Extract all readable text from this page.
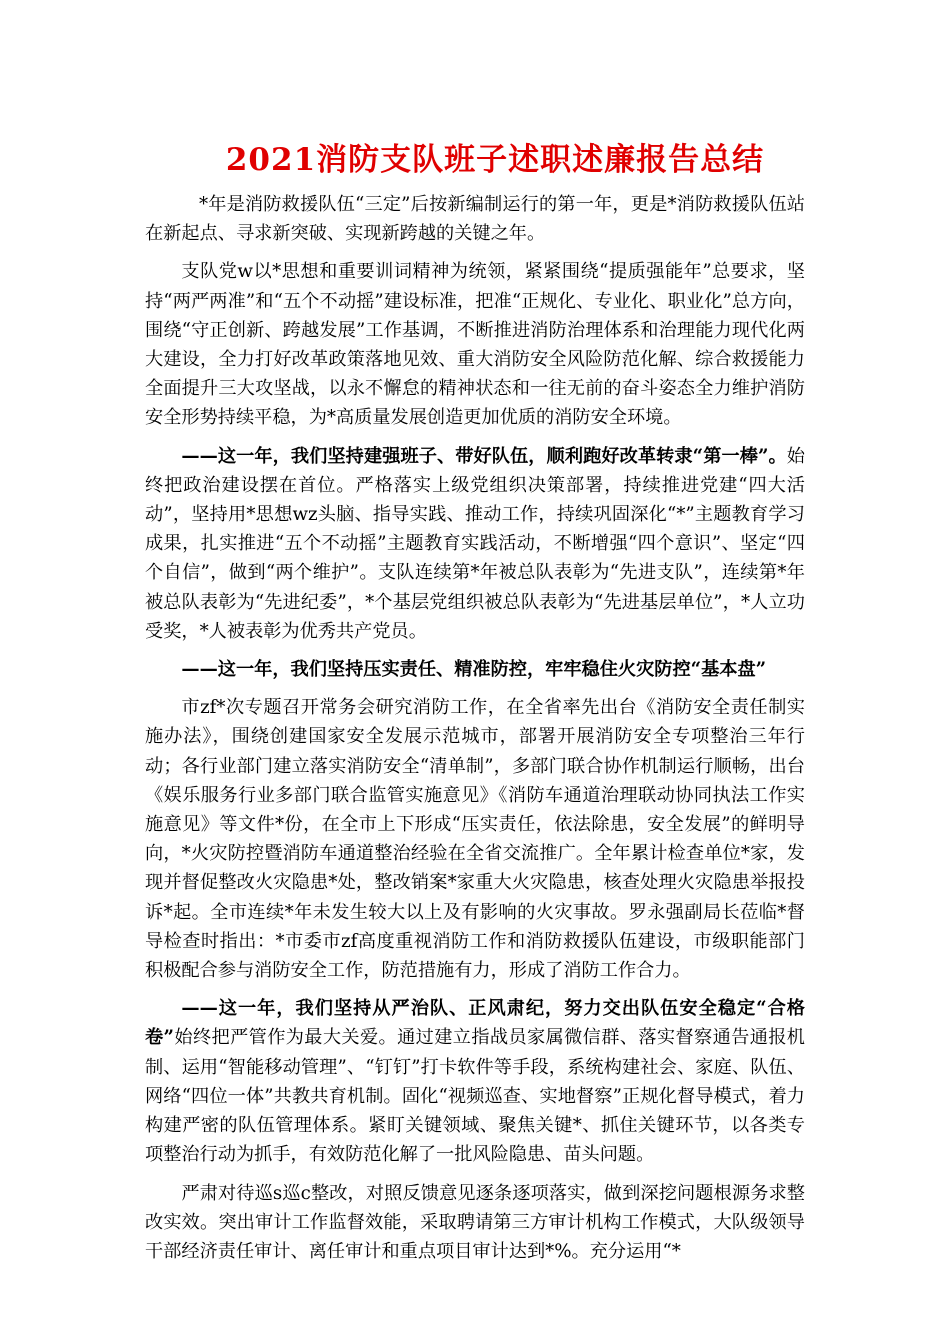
2021消防支队班子述职述廉报告总结

*年是消防救援队伍“三定”后按新编制运行的第一年，更是*消防救援队伍站在新起点、寻求新突破、实现新跨越的关键之年。

支队党w以*思想和重要训词精神为统领，紧紧围绕“提质强能年”总要求，坚持“两严两准”和“五个不动摇”建设标准，把准“正规化、专业化、职业化”总方向，围绕“守正创新、跨越发展”工作基调，不断推进消防治理体系和治理能力现代化两大建设，全力打好改革政策落地见效、重大消防安全风险防范化解、综合救援能力全面提升三大攻坚战，以永不懈怠的精神状态和一往无前的奋斗姿态全力维护消防安全形势持续平稳，为*高质量发展创造更加优质的消防安全环境。

——这一年，我们坚持建强班子、带好队伍，顺利跑好改革转隶“第一棒”。始终把政治建设摆在首位。严格落实上级党组织决策部署，持续推进党建“四大活动”，坚持用*思想wz头脑、指导实践、推动工作，持续巩固深化“*”主题教育学习成果，扎实推进“五个不动摇”主题教育实践活动，不断增强“四个意识”、坚定“四个自信”，做到“两个维护”。支队连续第*年被总队表彰为“先进支队”，连续第*年被总队表彰为“先进纪委”，*个基层党组织被总队表彰为“先进基层单位”，*人立功受奖，*人被表彰为优秀共产党员。

——这一年，我们坚持压实责任、精准防控，牢牢稳住火灾防控“基本盘”

市zf*次专题召开常务会研究消防工作，在全省率先出台《消防安全责任制实施办法》，围绕创建国家安全发展示范城市，部署开展消防安全专项整治三年行动；各行业部门建立落实消防安全“清单制”，多部门联合协作机制运行顺畅，出台《娱乐服务行业多部门联合监管实施意见》《消防车通道治理联动协同执法工作实施意见》等文件*份，在全市上下形成“压实责任，依法除患，安全发展”的鲜明导向，*火灾防控暨消防车通道整治经验在全省交流推广。全年累计检查单位*家，发现并督促整改火灾隐患*处，整改销案*家重大火灾隐患，核查处理火灾隐患举报投诉*起。全市连续*年未发生较大以上及有影响的火灾事故。罗永强副局长莅临*督导检查时指出：*市委市zf高度重视消防工作和消防救援队伍建设，市级职能部门积极配合参与消防安全工作，防范措施有力，形成了消防工作合力。

——这一年，我们坚持从严治队、正风肃纪，努力交出队伍安全稳定“合格卷”始终把严管作为最大关爱。通过建立指战员家属微信群、落实督察通告通报机制、运用“智能移动管理”、“钉钉”打卡软件等手段，系统构建社会、家庭、队伍、网络“四位一体”共教共育机制。固化“视频巡查、实地督察”正规化督导模式，着力构建严密的队伍管理体系。紧盯关键领域、聚焦关键*、抓住关键环节，以各类专项整治行动为抓手，有效防范化解了一批风险隐患、苗头问题。

严肃对待巡s巡c整改，对照反馈意见逐条逐项落实，做到深挖问题根源务求整改实效。突出审计工作监督效能，采取聘请第三方审计机构工作模式，大队级领导干部经济责任审计、离任审计和重点项目审计达到*%。充分运用“*
